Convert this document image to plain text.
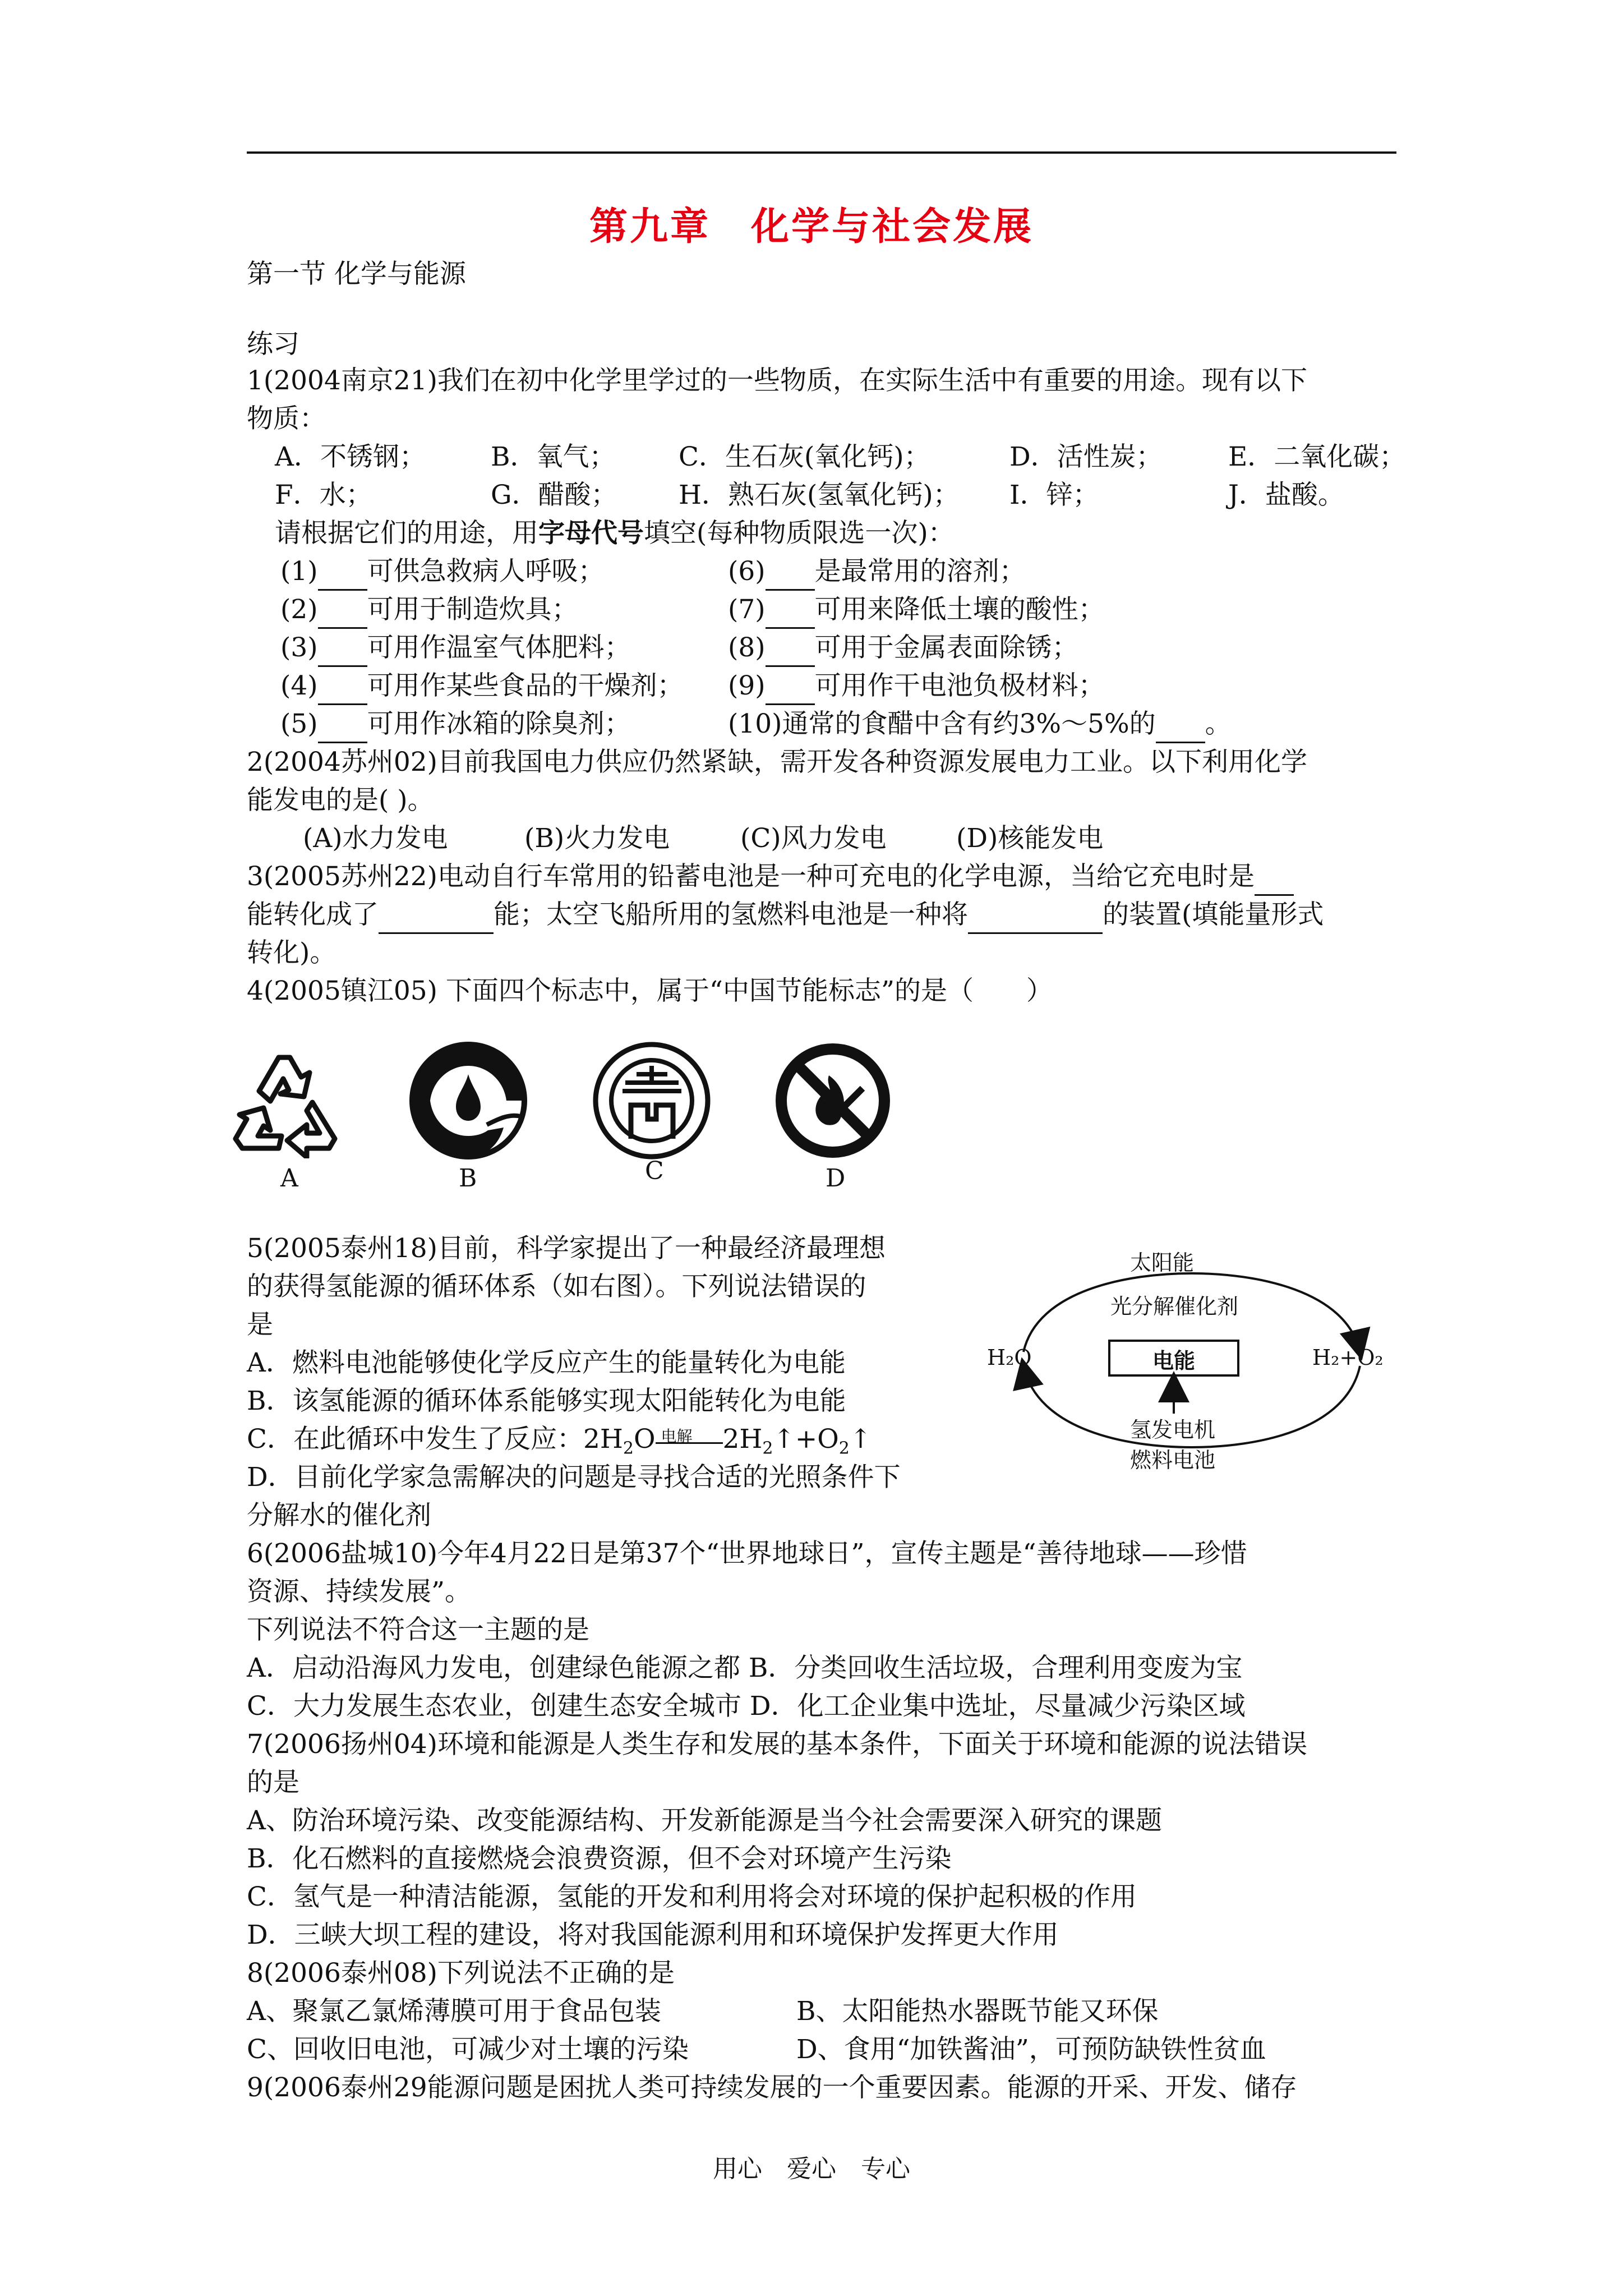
第九章　化学与社会发展
第一节 化学与能源
练习
1(2004南京21)我们在初中化学里学过的一些物质，在实际生活中有重要的用途。现有以下
物质：
A．不锈钢； B．氧气； C．生石灰(氧化钙)；	D．活性炭； E．二氧化碳；
F．水；	G．醋酸； H．熟石灰(氢氧化钙)； I．锌；	J．盐酸。
请根据它们的用途，用字母代号填空(每种物质限选一次)：
(1) 可供急救病人呼吸；
(2) 可用于制造炊具；
(3) 可用作温室气体肥料；
(4) 可用作某些食品的干燥剂；
(5) 可用作冰箱的除臭剂；
(6) 是最常用的溶剂；
(7) 可用来降低土壤的酸性；
(8) 可用于金属表面除锈；
(9) 可用作干电池负极材料；
(10)通常的食醋中含有约3%～5%的 。
2(2004苏州02)目前我国电力供应仍然紧缺，需开发各种资源发展电力工业。以下利用化学
能发电的是( )。
(A)水力发电	(B)火力发电	(C)风力发电	(D)核能发电
3(2005苏州22)电动自行车常用的铅蓄电池是一种可充电的化学电源，当给它充电时是
能转化成了	能；太空飞船所用的氢燃料电池是一种将	的装置(填能量形式
转化)。
4(2005镇江05) 下面四个标志中，属于“中国节能标志”的是（　　）
A	B	C	D
5(2005泰州18)目前，科学家提出了一种最经济最理想
的获得氢能源的循环体系（如右图）。下列说法错误的
是
A．燃料电池能够使化学反应产生的能量转化为电能
B．该氢能源的循环体系能够实现太阳能转化为电能
C．在此循环中发生了反应：$2H_2O$ 电解 $2H_2↑+O_2↑$
D．目前化学家急需解决的问题是寻找合适的光照条件下
分解水的催化剂
太阳能
光分解催化剂
H₂O	H₂+O₂
电能
氢发电机
燃料电池
6(2006盐城10)今年4月22日是第37个“世界地球日”，宣传主题是“善待地球——珍惜
资源、持续发展”。
下列说法不符合这一主题的是
A．启动沿海风力发电，创建绿色能源之都 B．分类回收生活垃圾，合理利用变废为宝
C．大力发展生态农业，创建生态安全城市 D．化工企业集中选址，尽量减少污染区域
7(2006扬州04)环境和能源是人类生存和发展的基本条件，下面关于环境和能源的说法错误
的是
A、防治环境污染、改变能源结构、开发新能源是当今社会需要深入研究的课题
B．化石燃料的直接燃烧会浪费资源，但不会对环境产生污染
C．氢气是一种清洁能源，氢能的开发和利用将会对环境的保护起积极的作用
D．三峡大坝工程的建设，将对我国能源利用和环境保护发挥更大作用
8(2006泰州08)下列说法不正确的是
A、聚氯乙氯烯薄膜可用于食品包装	B、太阳能热水器既节能又环保
C、回收旧电池，可减少对土壤的污染	D、食用“加铁酱油”，可预防缺铁性贫血
9(2006泰州29能源问题是困扰人类可持续发展的一个重要因素。能源的开采、开发、储存
用心　爱心　专心
